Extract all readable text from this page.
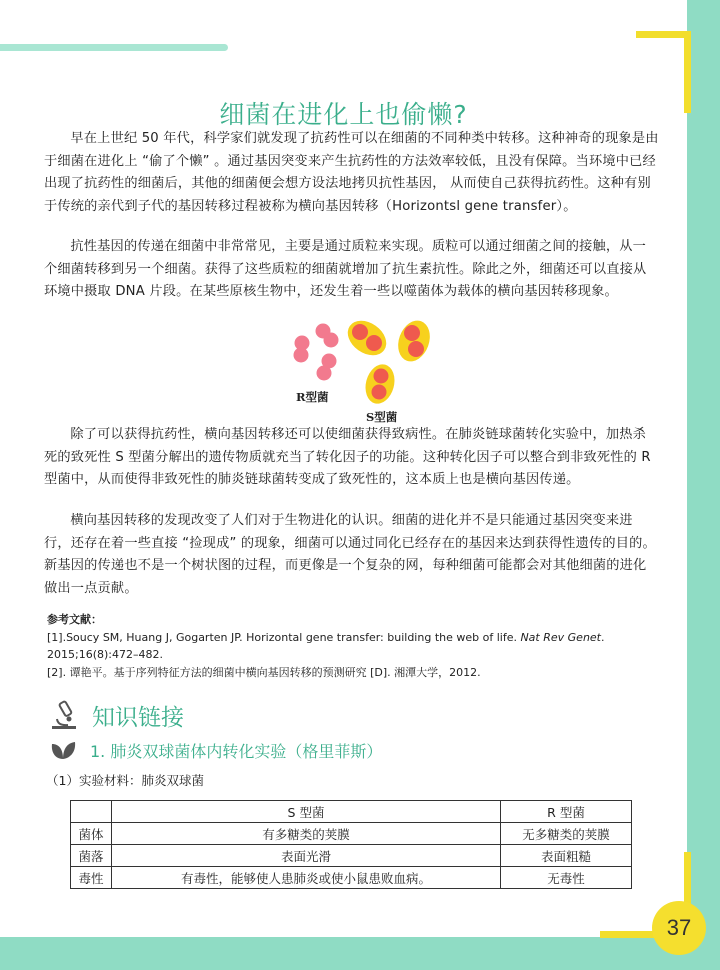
细菌在进化上也偷懒?

早在上世纪 50 年代，科学家们就发现了抗药性可以在细菌的不同种类中转移。这种神奇的现象是由于细菌在进化上 “偷了个懒” 。通过基因突变来产生抗药性的方法效率较低，且没有保障。当环境中已经出现了抗药性的细菌后，其他的细菌便会想方设法地拷贝抗性基因， 从而使自己获得抗药性。这种有别于传统的亲代到子代的基因转移过程被称为横向基因转移（Horizontsl gene transfer）。

抗性基因的传递在细菌中非常常见，主要是通过质粒来实现。质粒可以通过细菌之间的接触，从一个细菌转移到另一个细菌。获得了这些质粒的细菌就增加了抗生素抗性。除此之外，细菌还可以直接从环境中摄取 DNA 片段。在某些原核生物中，还发生着一些以噬菌体为载体的横向基因转移现象。

R型菌
S型菌

除了可以获得抗药性，横向基因转移还可以使细菌获得致病性。在肺炎链球菌转化实验中，加热杀死的致死性 S 型菌分解出的遗传物质就充当了转化因子的功能。这种转化因子可以整合到非致死性的 R 型菌中，从而使得非致死性的肺炎链球菌转变成了致死性的，这本质上也是横向基因传递。

横向基因转移的发现改变了人们对于生物进化的认识。细菌的进化并不是只能通过基因突变来进行，还存在着一些直接 “捡现成” 的现象，细菌可以通过同化已经存在的基因来达到获得性遗传的目的。新基因的传递也不是一个树状图的过程，而更像是一个复杂的网，每种细菌可能都会对其他细菌的进化做出一点贡献。

参考文献：

[1].Soucy SM, Huang J, Gogarten JP. Horizontal gene transfer: building the web of life. Nat Rev Genet. 2015;16(8):472–482.

[2]. 谭艳平。基于序列特征方法的细菌中横向基因转移的预测研究 [D]. 湘潭大学，2012.

知识链接
1. 肺炎双球菌体内转化实验（格里菲斯）
（1）实验材料：肺炎双球菌
	S 型菌	R 型菌
菌体	有多糖类的荚膜	无多糖类的荚膜
菌落	表面光滑	表面粗糙
毒性	有毒性，能够使人患肺炎或使小鼠患败血病。	无毒性
37
